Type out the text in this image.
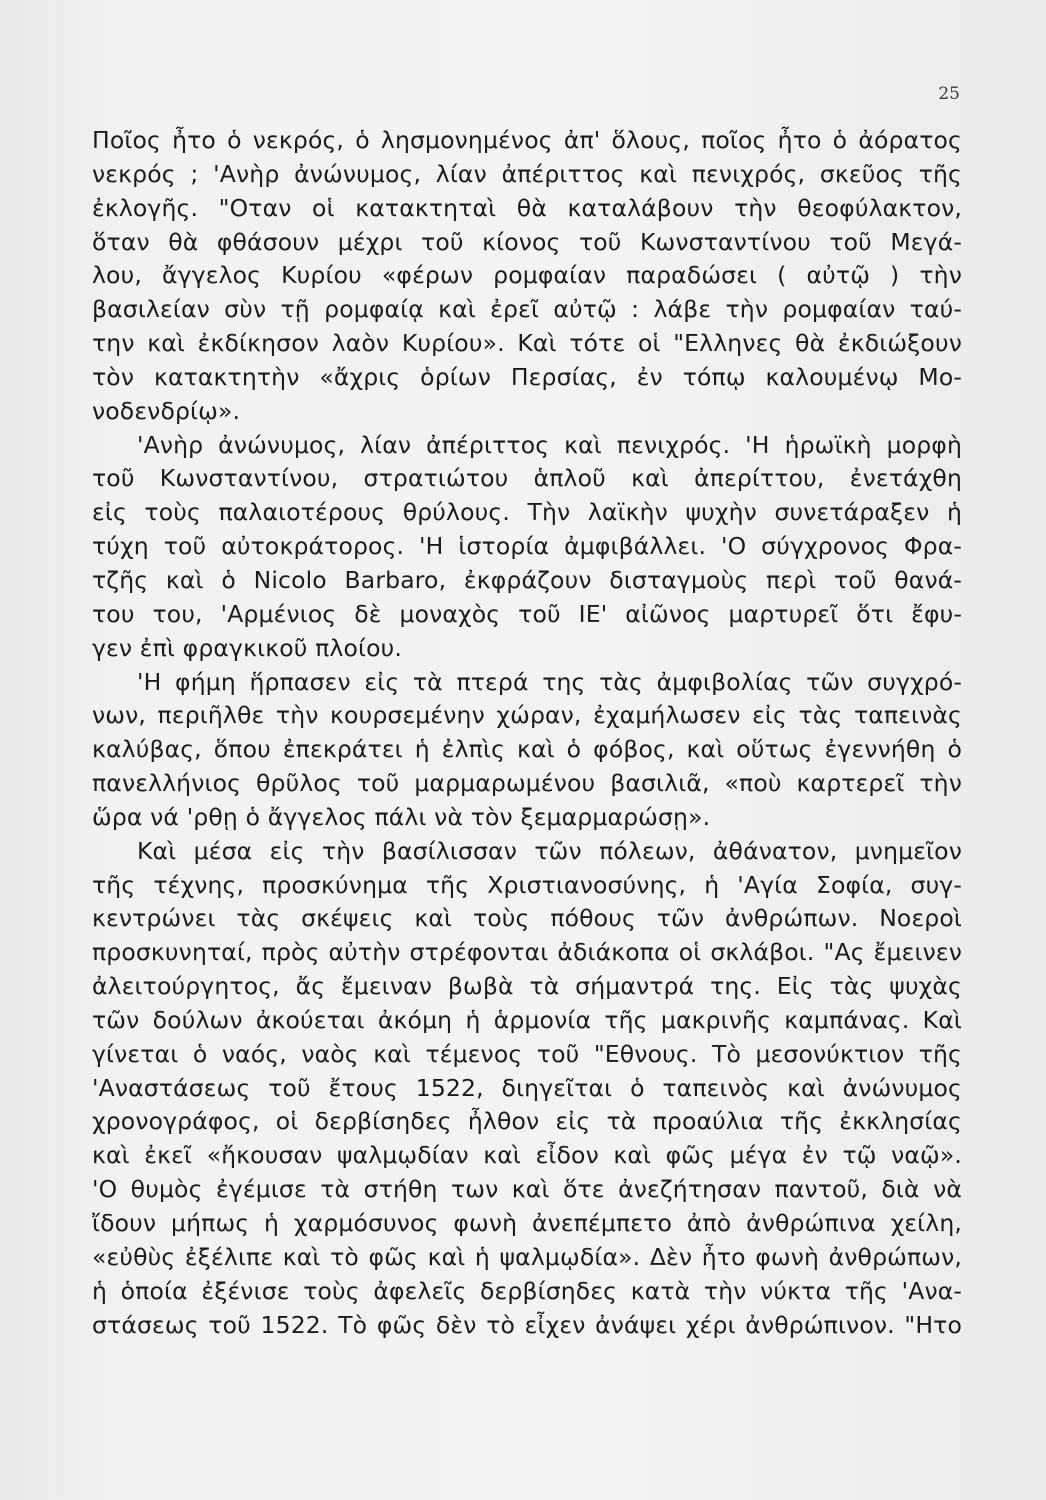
25
Ποῖος ἦτο ὁ νεκρός, ὁ λησμονημένος ἀπ' ὅλους, ποῖος ἦτο ὁ ἀόρατος
νεκρός ; 'Ανὴρ ἀνώνυμος, λίαν ἀπέριττος καὶ πενιχρός, σκεῦος τῆς
ἐκλογῆς. "Οταν οἱ κατακτηταὶ θὰ καταλάβουν τὴν θεοφύλακτον,
ὅταν θὰ φθάσουν μέχρι τοῦ κίονος τοῦ Κωνσταντίνου τοῦ Μεγά-
λου, ἄγγελος Κυρίου «φέρων ρομφαίαν παραδώσει ( αὐτῷ ) τὴν
βασιλείαν σὺν τῇ ρομφαίᾳ καὶ ἐρεῖ αὐτῷ : λάβε τὴν ρομφαίαν ταύ-
την καὶ ἐκδίκησον λαὸν Κυρίου». Καὶ τότε οἱ "Ελληνες θὰ ἐκδιώξουν
τὸν κατακτητὴν «ἄχρις ὁρίων Περσίας, ἐν τόπῳ καλουμένῳ Μο-
νοδενδρίῳ».
'Ανὴρ ἀνώνυμος, λίαν ἀπέριττος καὶ πενιχρός. 'Η ἡρωϊκὴ μορφὴ
τοῦ Κωνσταντίνου, στρατιώτου ἁπλοῦ καὶ ἀπερίττου, ἐνετάχθη
εἰς τοὺς παλαιοτέρους θρύλους. Τὴν λαϊκὴν ψυχὴν συνετάραξεν ἡ
τύχη τοῦ αὐτοκράτορος. 'Η ἱστορία ἀμφιβάλλει. 'Ο σύγχρονος Φρα-
τζῆς καὶ ὁ Nicolo Barbaro, ἐκφράζουν δισταγμοὺς περὶ τοῦ θανά-
του του, 'Αρμένιος δὲ μοναχὸς τοῦ ΙΕ' αἰῶνος μαρτυρεῖ ὅτι ἔφυ-
γεν ἐπὶ φραγκικοῦ πλοίου.
'Η φήμη ἥρπασεν εἰς τὰ πτερά της τὰς ἀμφιβολίας τῶν συγχρό-
νων, περιῆλθε τὴν κουρσεμένην χώραν, ἐχαμήλωσεν εἰς τὰς ταπεινὰς
καλύβας, ὅπου ἐπεκράτει ἡ ἐλπὶς καὶ ὁ φόβος, καὶ οὕτως ἐγεννήθη ὁ
πανελλήνιος θρῦλος τοῦ μαρμαρωμένου βασιλιᾶ, «ποὺ καρτερεῖ τὴν
ὥρα νά 'ρθῃ ὁ ἄγγελος πάλι νὰ τὸν ξεμαρμαρώσῃ».
Καὶ μέσα εἰς τὴν βασίλισσαν τῶν πόλεων, ἀθάνατον, μνημεῖον
τῆς τέχνης, προσκύνημα τῆς Χριστιανοσύνης, ἡ 'Αγία Σοφία, συγ-
κεντρώνει τὰς σκέψεις καὶ τοὺς πόθους τῶν ἀνθρώπων. Νοεροὶ
προσκυνηταί, πρὸς αὐτὴν στρέφονται ἀδιάκοπα οἱ σκλάβοι. "Ας ἔμεινεν
ἀλειτούργητος, ἄς ἔμειναν βωβὰ τὰ σήμαντρά της. Εἰς τὰς ψυχὰς
τῶν δούλων ἀκούεται ἀκόμη ἡ ἁρμονία τῆς μακρινῆς καμπάνας. Καὶ
γίνεται ὁ ναός, ναὸς καὶ τέμενος τοῦ "Εθνους. Τὸ μεσονύκτιον τῆς
'Αναστάσεως τοῦ ἔτους 1522, διηγεῖται ὁ ταπεινὸς καὶ ἀνώνυμος
χρονογράφος, οἱ δερβίσηδες ἦλθον εἰς τὰ προαύλια τῆς ἐκκλησίας
καὶ ἐκεῖ «ἤκουσαν ψαλμῳδίαν καὶ εἶδον καὶ φῶς μέγα ἐν τῷ ναῷ».
'Ο θυμὸς ἐγέμισε τὰ στήθη των καὶ ὅτε ἀνεζήτησαν παντοῦ, διὰ νὰ
ἴδουν μήπως ἡ χαρμόσυνος φωνὴ ἀνεπέμπετο ἀπὸ ἀνθρώπινα χείλη,
«εὐθὺς ἐξέλιπε καὶ τὸ φῶς καὶ ἡ ψαλμῳδία». Δὲν ἦτο φωνὴ ἀνθρώπων,
ἡ ὁποία ἐξένισε τοὺς ἀφελεῖς δερβίσηδες κατὰ τὴν νύκτα τῆς 'Ανα-
στάσεως τοῦ 1522. Τὸ φῶς δὲν τὸ εἶχεν ἀνάψει χέρι ἀνθρώπινον. "Ητο
